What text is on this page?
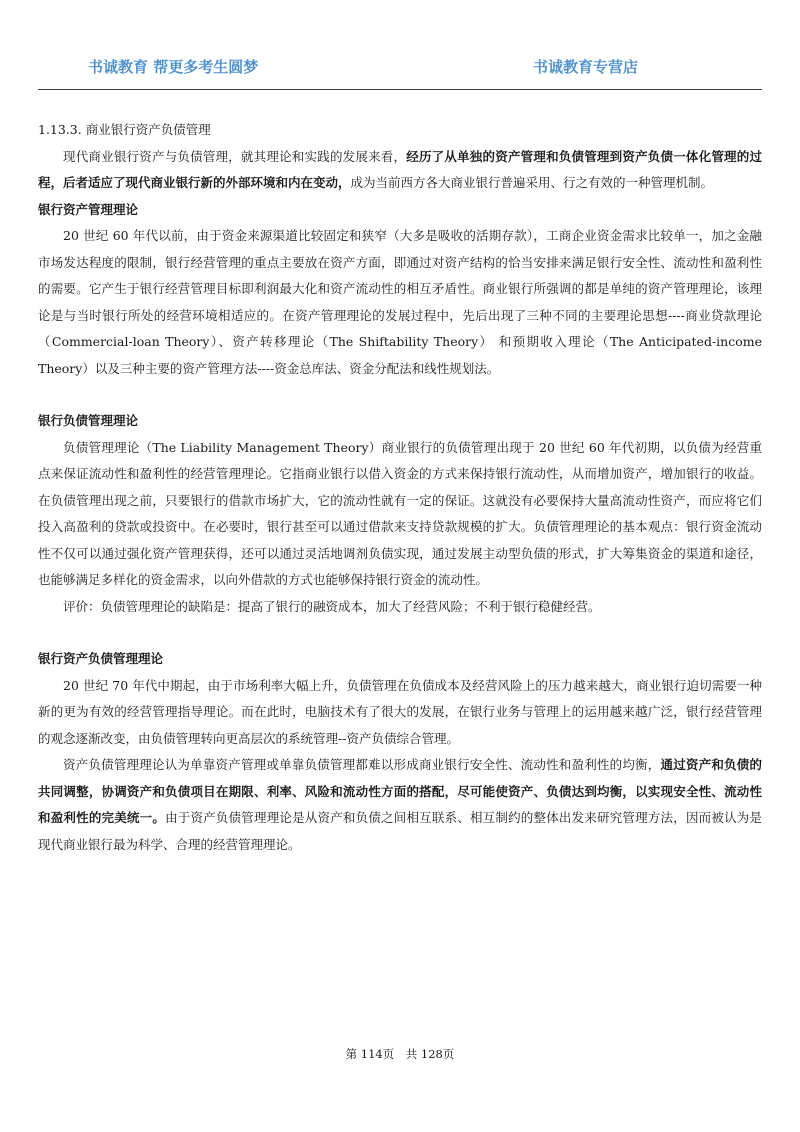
书诚教育 帮更多考生圆梦	书诚教育专营店

1.13.3. 商业银行资产负债管理

现代商业银行资产与负债管理，就其理论和实践的发展来看，经历了从单独的资产管理和负债管理到资产负债一体化管理的过程，后者适应了现代商业银行新的外部环境和内在变动，成为当前西方各大商业银行普遍采用、行之有效的一种管理机制。

银行资产管理理论

20 世纪 60 年代以前，由于资金来源渠道比较固定和狭窄（大多是吸收的活期存款），工商企业资金需求比较单一，加之金融市场发达程度的限制，银行经营管理的重点主要放在资产方面，即通过对资产结构的恰当安排来满足银行安全性、流动性和盈利性的需要。它产生于银行经营管理目标即利润最大化和资产流动性的相互矛盾性。商业银行所强调的都是单纯的资产管理理论，该理论是与当时银行所处的经营环境相适应的。在资产管理理论的发展过程中，先后出现了三种不同的主要理论思想----商业贷款理论（Commercial-loan Theory）、资产转移理论（The Shiftability Theory） 和预期收入理论（The Anticipated-income Theory）以及三种主要的资产管理方法----资金总库法、资金分配法和线性规划法。

银行负债管理理论

负债管理理论（The Liability Management Theory）商业银行的负债管理出现于 20 世纪 60 年代初期，以负债为经营重点来保证流动性和盈利性的经营管理理论。它指商业银行以借入资金的方式来保持银行流动性，从而增加资产，增加银行的收益。在负债管理出现之前，只要银行的借款市场扩大，它的流动性就有一定的保证。这就没有必要保持大量高流动性资产，而应将它们投入高盈利的贷款或投资中。在必要时，银行甚至可以通过借款来支持贷款规模的扩大。负债管理理论的基本观点：银行资金流动性不仅可以通过强化资产管理获得，还可以通过灵活地调剂负债实现，通过发展主动型负债的形式，扩大筹集资金的渠道和途径，也能够满足多样化的资金需求，以向外借款的方式也能够保持银行资金的流动性。

评价：负债管理理论的缺陷是：提高了银行的融资成本，加大了经营风险；不利于银行稳健经营。

银行资产负债管理理论

20 世纪 70 年代中期起，由于市场利率大幅上升，负债管理在负债成本及经营风险上的压力越来越大，商业银行迫切需要一种新的更为有效的经营管理指导理论。而在此时，电脑技术有了很大的发展，在银行业务与管理上的运用越来越广泛，银行经营管理的观念逐渐改变，由负债管理转向更高层次的系统管理--资产负债综合管理。

资产负债管理理论认为单靠资产管理或单靠负债管理都难以形成商业银行安全性、流动性和盈利性的均衡，通过资产和负债的共同调整，协调资产和负债项目在期限、利率、风险和流动性方面的搭配，尽可能使资产、负债达到均衡，以实现安全性、流动性和盈利性的完美统一。由于资产负债管理理论是从资产和负债之间相互联系、相互制约的整体出发来研究管理方法，因而被认为是现代商业银行最为科学、合理的经营管理理论。

第 114页　共 128页
